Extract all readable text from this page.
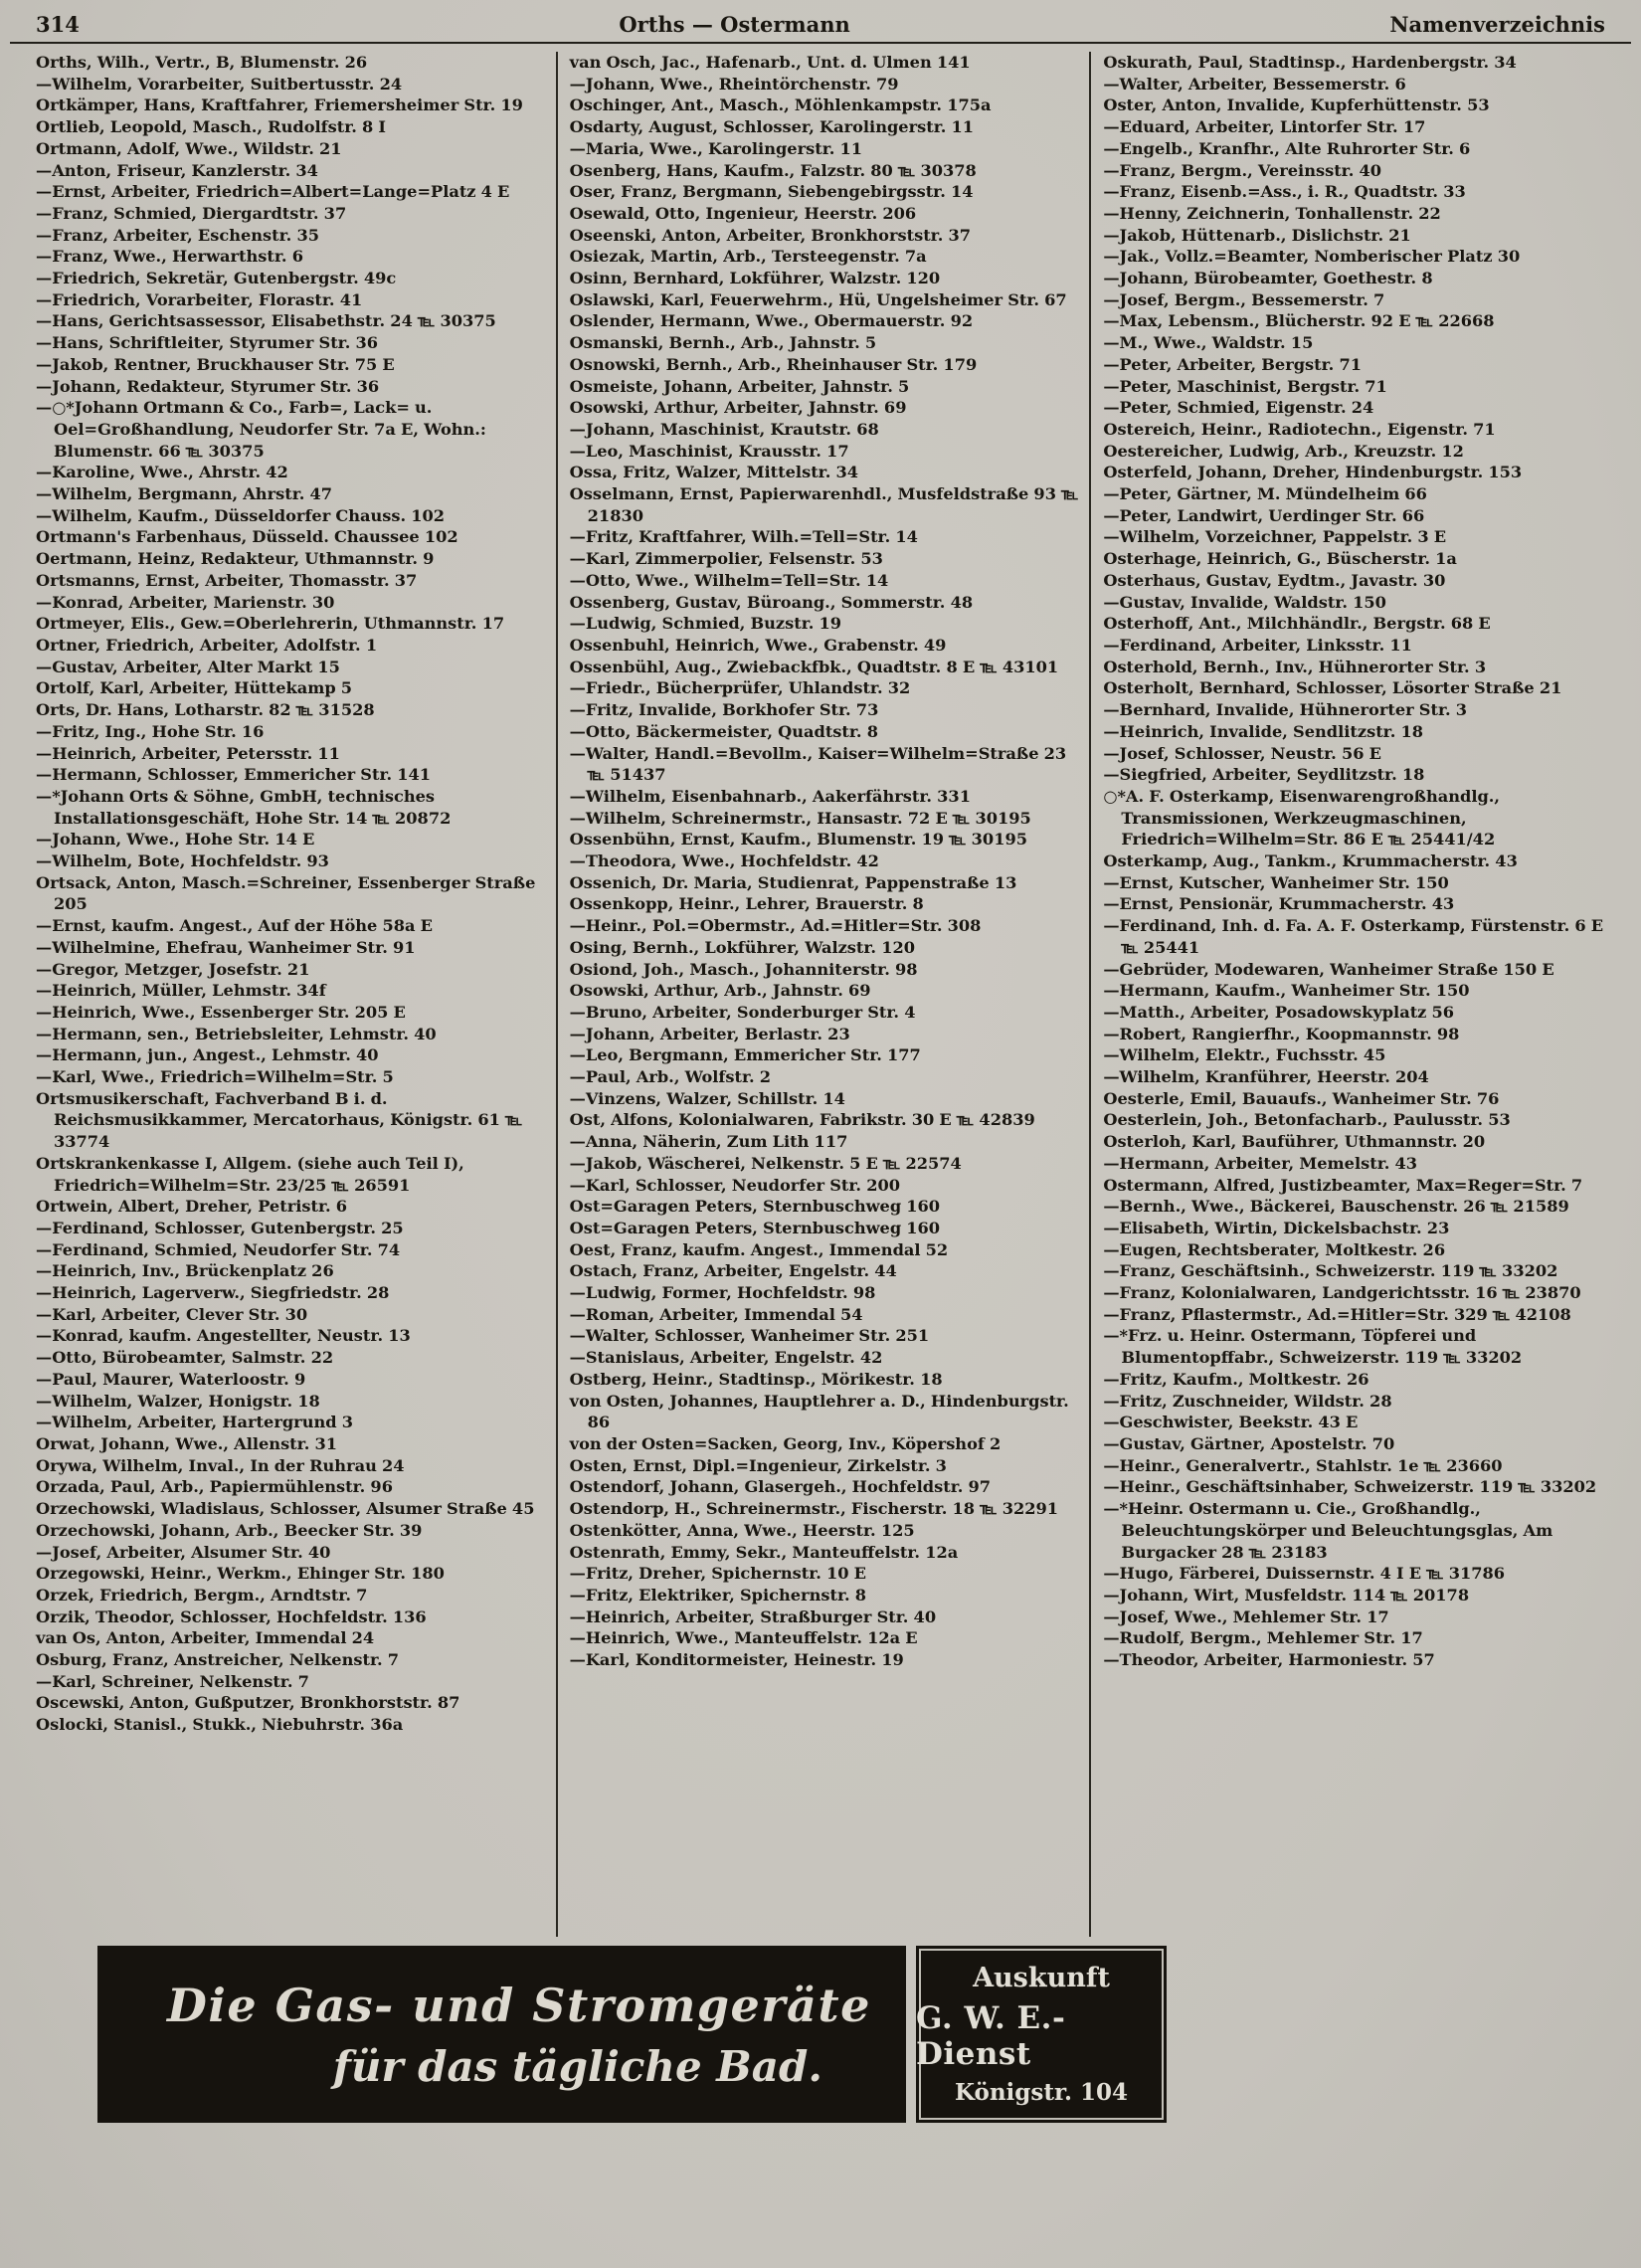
314	Orths — Ostermann	Namenverzeichnis

Orths, Wilh., Vertr., B, Blumenstr. 26

—Wilhelm, Vorarbeiter, Suitbertusstr. 24

Ortkämper, Hans, Kraftfahrer, Friemersheimer Str. 19

Ortlieb, Leopold, Masch., Rudolfstr. 8 I

Ortmann, Adolf, Wwe., Wildstr. 21

—Anton, Friseur, Kanzlerstr. 34

—Ernst, Arbeiter, Friedrich=Albert=Lange=Platz 4 E

—Franz, Schmied, Diergardtstr. 37

—Franz, Arbeiter, Eschenstr. 35

—Franz, Wwe., Herwarthstr. 6

—Friedrich, Sekretär, Gutenbergstr. 49c

—Friedrich, Vorarbeiter, Florastr. 41

—Hans, Gerichtsassessor, Elisabethstr. 24 ℡ 30375

—Hans, Schriftleiter, Styrumer Str. 36

—Jakob, Rentner, Bruckhauser Str. 75 E

—Johann, Redakteur, Styrumer Str. 36

—○*Johann Ortmann & Co., Farb=, Lack= u. Oel=Großhandlung, Neudorfer Str. 7a E, Wohn.: Blumenstr. 66 ℡ 30375

—Karoline, Wwe., Ahrstr. 42

—Wilhelm, Bergmann, Ahrstr. 47

—Wilhelm, Kaufm., Düsseldorfer Chauss. 102

Ortmann's Farbenhaus, Düsseld. Chaussee 102

Oertmann, Heinz, Redakteur, Uthmannstr. 9

Ortsmanns, Ernst, Arbeiter, Thomasstr. 37

—Konrad, Arbeiter, Marienstr. 30

Ortmeyer, Elis., Gew.=Oberlehrerin, Uthmannstr. 17

Ortner, Friedrich, Arbeiter, Adolfstr. 1

—Gustav, Arbeiter, Alter Markt 15

Ortolf, Karl, Arbeiter, Hüttekamp 5

Orts, Dr. Hans, Lotharstr. 82 ℡ 31528

—Fritz, Ing., Hohe Str. 16

—Heinrich, Arbeiter, Petersstr. 11

—Hermann, Schlosser, Emmericher Str. 141

—*Johann Orts & Söhne, GmbH, technisches Installationsgeschäft, Hohe Str. 14 ℡ 20872

—Johann, Wwe., Hohe Str. 14 E

—Wilhelm, Bote, Hochfeldstr. 93

Ortsack, Anton, Masch.=Schreiner, Essenberger Straße 205

—Ernst, kaufm. Angest., Auf der Höhe 58a E

—Wilhelmine, Ehefrau, Wanheimer Str. 91

—Gregor, Metzger, Josefstr. 21

—Heinrich, Müller, Lehmstr. 34f

—Heinrich, Wwe., Essenberger Str. 205 E

—Hermann, sen., Betriebsleiter, Lehmstr. 40

—Hermann, jun., Angest., Lehmstr. 40

—Karl, Wwe., Friedrich=Wilhelm=Str. 5

Ortsmusikerschaft, Fachverband B i. d. Reichsmusikkammer, Mercatorhaus, Königstr. 61 ℡ 33774

Ortskrankenkasse I, Allgem. (siehe auch Teil I), Friedrich=Wilhelm=Str. 23/25 ℡ 26591

Ortwein, Albert, Dreher, Petristr. 6

—Ferdinand, Schlosser, Gutenbergstr. 25

—Ferdinand, Schmied, Neudorfer Str. 74

—Heinrich, Inv., Brückenplatz 26

—Heinrich, Lagerverw., Siegfriedstr. 28

—Karl, Arbeiter, Clever Str. 30

—Konrad, kaufm. Angestellter, Neustr. 13

—Otto, Bürobeamter, Salmstr. 22

—Paul, Maurer, Waterloostr. 9

—Wilhelm, Walzer, Honigstr. 18

—Wilhelm, Arbeiter, Hartergrund 3

Orwat, Johann, Wwe., Allenstr. 31

Orywa, Wilhelm, Inval., In der Ruhrau 24

Orzada, Paul, Arb., Papiermühlenstr. 96

Orzechowski, Wladislaus, Schlosser, Alsumer Straße 45

Orzechowski, Johann, Arb., Beecker Str. 39

—Josef, Arbeiter, Alsumer Str. 40

Orzegowski, Heinr., Werkm., Ehinger Str. 180

Orzek, Friedrich, Bergm., Arndtstr. 7

Orzik, Theodor, Schlosser, Hochfeldstr. 136

van Os, Anton, Arbeiter, Immendal 24

Osburg, Franz, Anstreicher, Nelkenstr. 7

—Karl, Schreiner, Nelkenstr. 7

Oscewski, Anton, Gußputzer, Bronkhorststr. 87

Oslocki, Stanisl., Stukk., Niebuhrstr. 36a

van Osch, Jac., Hafenarb., Unt. d. Ulmen 141

—Johann, Wwe., Rheintörchenstr. 79

Oschinger, Ant., Masch., Möhlenkampstr. 175a

Osdarty, August, Schlosser, Karolingerstr. 11

—Maria, Wwe., Karolingerstr. 11

Osenberg, Hans, Kaufm., Falzstr. 80 ℡ 30378

Oser, Franz, Bergmann, Siebengebirgsstr. 14

Osewald, Otto, Ingenieur, Heerstr. 206

Oseenski, Anton, Arbeiter, Bronkhorststr. 37

Osiezak, Martin, Arb., Tersteegenstr. 7a

Osinn, Bernhard, Lokführer, Walzstr. 120

Oslawski, Karl, Feuerwehrm., Hü, Ungelsheimer Str. 67

Oslender, Hermann, Wwe., Obermauerstr. 92

Osmanski, Bernh., Arb., Jahnstr. 5

Osnowski, Bernh., Arb., Rheinhauser Str. 179

Osmeiste, Johann, Arbeiter, Jahnstr. 5

Osowski, Arthur, Arbeiter, Jahnstr. 69

—Johann, Maschinist, Krautstr. 68

—Leo, Maschinist, Krausstr. 17

Ossa, Fritz, Walzer, Mittelstr. 34

Osselmann, Ernst, Papierwarenhdl., Musfeldstraße 93 ℡ 21830

—Fritz, Kraftfahrer, Wilh.=Tell=Str. 14

—Karl, Zimmerpolier, Felsenstr. 53

—Otto, Wwe., Wilhelm=Tell=Str. 14

Ossenberg, Gustav, Büroang., Sommerstr. 48

—Ludwig, Schmied, Buzstr. 19

Ossenbuhl, Heinrich, Wwe., Grabenstr. 49

Ossenbühl, Aug., Zwiebackfbk., Quadtstr. 8 E ℡ 43101

—Friedr., Bücherprüfer, Uhlandstr. 32

—Fritz, Invalide, Borkhofer Str. 73

—Otto, Bäckermeister, Quadtstr. 8

—Walter, Handl.=Bevollm., Kaiser=Wilhelm=Straße 23 ℡ 51437

—Wilhelm, Eisenbahnarb., Aakerfährstr. 331

—Wilhelm, Schreinermstr., Hansastr. 72 E ℡ 30195

Ossenbühn, Ernst, Kaufm., Blumenstr. 19 ℡ 30195

—Theodora, Wwe., Hochfeldstr. 42

Ossenich, Dr. Maria, Studienrat, Pappenstraße 13

Ossenkopp, Heinr., Lehrer, Brauerstr. 8

—Heinr., Pol.=Obermstr., Ad.=Hitler=Str. 308

Osing, Bernh., Lokführer, Walzstr. 120

Osiond, Joh., Masch., Johanniterstr. 98

Osowski, Arthur, Arb., Jahnstr. 69

—Bruno, Arbeiter, Sonderburger Str. 4

—Johann, Arbeiter, Berlastr. 23

—Leo, Bergmann, Emmericher Str. 177

—Paul, Arb., Wolfstr. 2

—Vinzens, Walzer, Schillstr. 14

Ost, Alfons, Kolonialwaren, Fabrikstr. 30 E ℡ 42839

—Anna, Näherin, Zum Lith 117

—Jakob, Wäscherei, Nelkenstr. 5 E ℡ 22574

—Karl, Schlosser, Neudorfer Str. 200

Ost=Garagen Peters, Sternbuschweg 160

Ost=Garagen Peters, Sternbuschweg 160

Oest, Franz, kaufm. Angest., Immendal 52

Ostach, Franz, Arbeiter, Engelstr. 44

—Ludwig, Former, Hochfeldstr. 98

—Roman, Arbeiter, Immendal 54

—Walter, Schlosser, Wanheimer Str. 251

—Stanislaus, Arbeiter, Engelstr. 42

Ostberg, Heinr., Stadtinsp., Mörikestr. 18

von Osten, Johannes, Hauptlehrer a. D., Hindenburgstr. 86

von der Osten=Sacken, Georg, Inv., Köpershof 2

Osten, Ernst, Dipl.=Ingenieur, Zirkelstr. 3

Ostendorf, Johann, Glasergeh., Hochfeldstr. 97

Ostendorp, H., Schreinermstr., Fischerstr. 18 ℡ 32291

Ostenkötter, Anna, Wwe., Heerstr. 125

Ostenrath, Emmy, Sekr., Manteuffelstr. 12a

—Fritz, Dreher, Spichernstr. 10 E

—Fritz, Elektriker, Spichernstr. 8

—Heinrich, Arbeiter, Straßburger Str. 40

—Heinrich, Wwe., Manteuffelstr. 12a E

—Karl, Konditormeister, Heinestr. 19

Oskurath, Paul, Stadtinsp., Hardenbergstr. 34

—Walter, Arbeiter, Bessemerstr. 6

Oster, Anton, Invalide, Kupferhüttenstr. 53

—Eduard, Arbeiter, Lintorfer Str. 17

—Engelb., Kranfhr., Alte Ruhrorter Str. 6

—Franz, Bergm., Vereinsstr. 40

—Franz, Eisenb.=Ass., i. R., Quadtstr. 33

—Henny, Zeichnerin, Tonhallenstr. 22

—Jakob, Hüttenarb., Dislichstr. 21

—Jak., Vollz.=Beamter, Nomberischer Platz 30

—Johann, Bürobeamter, Goethestr. 8

—Josef, Bergm., Bessemerstr. 7

—Max, Lebensm., Blücherstr. 92 E ℡ 22668

—M., Wwe., Waldstr. 15

—Peter, Arbeiter, Bergstr. 71

—Peter, Maschinist, Bergstr. 71

—Peter, Schmied, Eigenstr. 24

Ostereich, Heinr., Radiotechn., Eigenstr. 71

Oestereicher, Ludwig, Arb., Kreuzstr. 12

Osterfeld, Johann, Dreher, Hindenburgstr. 153

—Peter, Gärtner, M. Mündelheim 66

—Peter, Landwirt, Uerdinger Str. 66

—Wilhelm, Vorzeichner, Pappelstr. 3 E

Osterhage, Heinrich, G., Büscherstr. 1a

Osterhaus, Gustav, Eydtm., Javastr. 30

—Gustav, Invalide, Waldstr. 150

Osterhoff, Ant., Milchhändlr., Bergstr. 68 E

—Ferdinand, Arbeiter, Linksstr. 11

Osterhold, Bernh., Inv., Hühnerorter Str. 3

Osterholt, Bernhard, Schlosser, Lösorter Straße 21

—Bernhard, Invalide, Hühnerorter Str. 3

—Heinrich, Invalide, Sendlitzstr. 18

—Josef, Schlosser, Neustr. 56 E

—Siegfried, Arbeiter, Seydlitzstr. 18

○*A. F. Osterkamp, Eisenwarengroßhandlg., Transmissionen, Werkzeugmaschinen, Friedrich=Wilhelm=Str. 86 E ℡ 25441/42

Osterkamp, Aug., Tankm., Krummacherstr. 43

—Ernst, Kutscher, Wanheimer Str. 150

—Ernst, Pensionär, Krummacherstr. 43

—Ferdinand, Inh. d. Fa. A. F. Osterkamp, Fürstenstr. 6 E ℡ 25441

—Gebrüder, Modewaren, Wanheimer Straße 150 E

—Hermann, Kaufm., Wanheimer Str. 150

—Matth., Arbeiter, Posadowskyplatz 56

—Robert, Rangierfhr., Koopmannstr. 98

—Wilhelm, Elektr., Fuchsstr. 45

—Wilhelm, Kranführer, Heerstr. 204

Oesterle, Emil, Bauaufs., Wanheimer Str. 76

Oesterlein, Joh., Betonfacharb., Paulusstr. 53

Osterloh, Karl, Bauführer, Uthmannstr. 20

—Hermann, Arbeiter, Memelstr. 43

Ostermann, Alfred, Justizbeamter, Max=Reger=Str. 7

—Bernh., Wwe., Bäckerei, Bauschenstr. 26 ℡ 21589

—Elisabeth, Wirtin, Dickelsbachstr. 23

—Eugen, Rechtsberater, Moltkestr. 26

—Franz, Geschäftsinh., Schweizerstr. 119 ℡ 33202

—Franz, Kolonialwaren, Landgerichtsstr. 16 ℡ 23870

—Franz, Pflastermstr., Ad.=Hitler=Str. 329 ℡ 42108

—*Frz. u. Heinr. Ostermann, Töpferei und Blumentopffabr., Schweizerstr. 119 ℡ 33202

—Fritz, Kaufm., Moltkestr. 26

—Fritz, Zuschneider, Wildstr. 28

—Geschwister, Beekstr. 43 E

—Gustav, Gärtner, Apostelstr. 70

—Heinr., Generalvertr., Stahlstr. 1e ℡ 23660

—Heinr., Geschäftsinhaber, Schweizerstr. 119 ℡ 33202

—*Heinr. Ostermann u. Cie., Großhandlg., Beleuchtungskörper und Beleuchtungsglas, Am Burgacker 28 ℡ 23183

—Hugo, Färberei, Duissernstr. 4 I E ℡ 31786

—Johann, Wirt, Musfeldstr. 114 ℡ 20178

—Josef, Wwe., Mehlemer Str. 17

—Rudolf, Bergm., Mehlemer Str. 17

—Theodor, Arbeiter, Harmoniestr. 57

Die Gas- und Stromgeräte
für das tägliche Bad.
Auskunft
G. W. E.-Dienst
Königstr. 104
